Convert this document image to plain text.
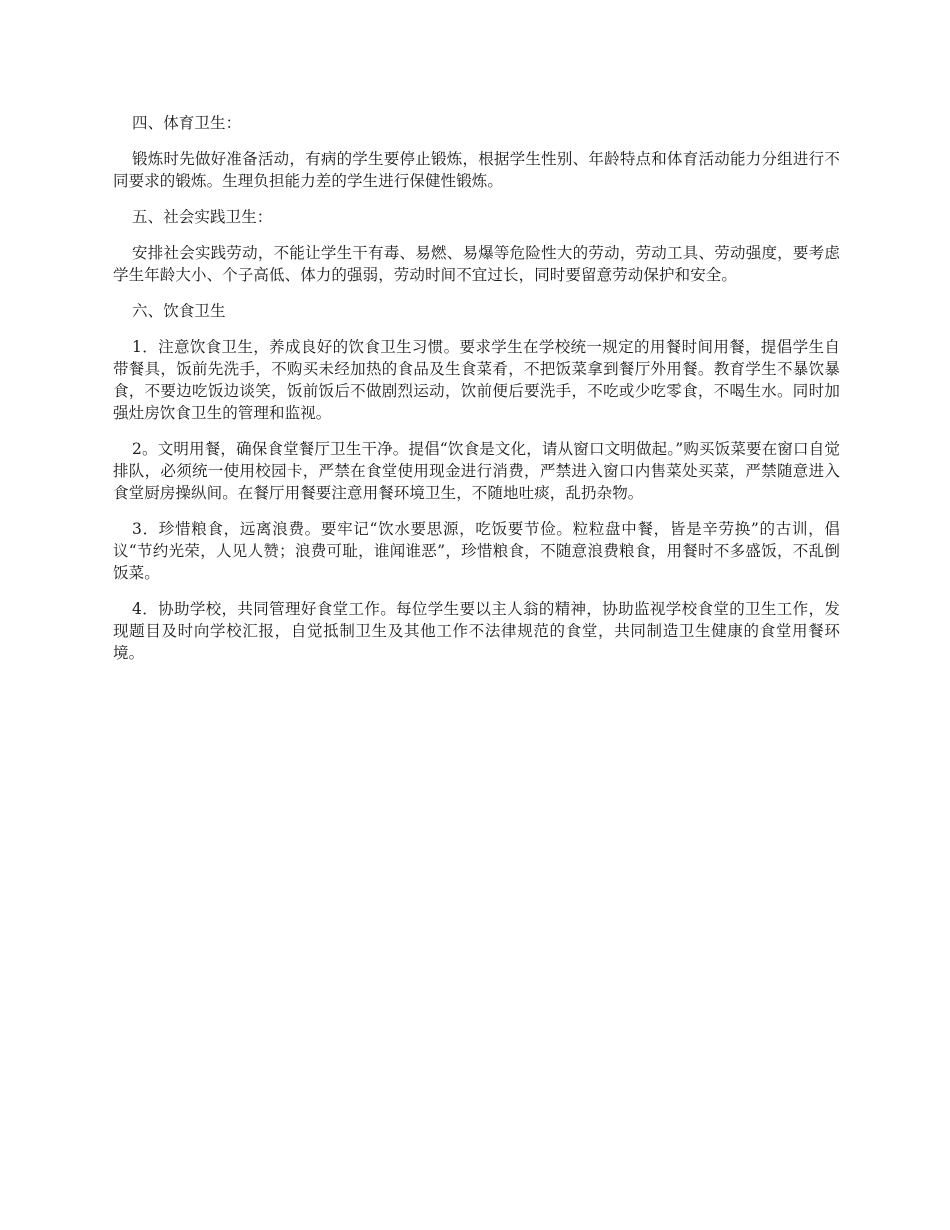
四、体育卫生：

锻炼时先做好准备活动，有病的学生要停止锻炼，根据学生性别、年龄特点和体育活动能力分组进行不同要求的锻炼。生理负担能力差的学生进行保健性锻炼。

五、社会实践卫生：

安排社会实践劳动，不能让学生干有毒、易燃、易爆等危险性大的劳动，劳动工具、劳动强度，要考虑学生年龄大小、个子高低、体力的强弱，劳动时间不宜过长，同时要留意劳动保护和安全。

六、饮食卫生

1．注意饮食卫生，养成良好的饮食卫生习惯。要求学生在学校统一规定的用餐时间用餐，提倡学生自带餐具，饭前先洗手，不购买未经加热的食品及生食菜肴，不把饭菜拿到餐厅外用餐。教育学生不暴饮暴食，不要边吃饭边谈笑，饭前饭后不做剧烈运动，饮前便后要洗手，不吃或少吃零食，不喝生水。同时加强灶房饮食卫生的管理和监视。

2。文明用餐，确保食堂餐厅卫生干净。提倡“饮食是文化，请从窗口文明做起。”购买饭菜要在窗口自觉排队，必须统一使用校园卡，严禁在食堂使用现金进行消费，严禁进入窗口内售菜处买菜，严禁随意进入食堂厨房操纵间。在餐厅用餐要注意用餐环境卫生，不随地吐痰，乱扔杂物。

3．珍惜粮食，远离浪费。要牢记“饮水要思源，吃饭要节俭。粒粒盘中餐，皆是辛劳换”的古训，倡议“节约光荣，人见人赞；浪费可耻，谁闻谁恶”，珍惜粮食，不随意浪费粮食，用餐时不多盛饭，不乱倒饭菜。

4．协助学校，共同管理好食堂工作。每位学生要以主人翁的精神，协助监视学校食堂的卫生工作，发现题目及时向学校汇报，自觉抵制卫生及其他工作不法律规范的食堂，共同制造卫生健康的食堂用餐环境。
